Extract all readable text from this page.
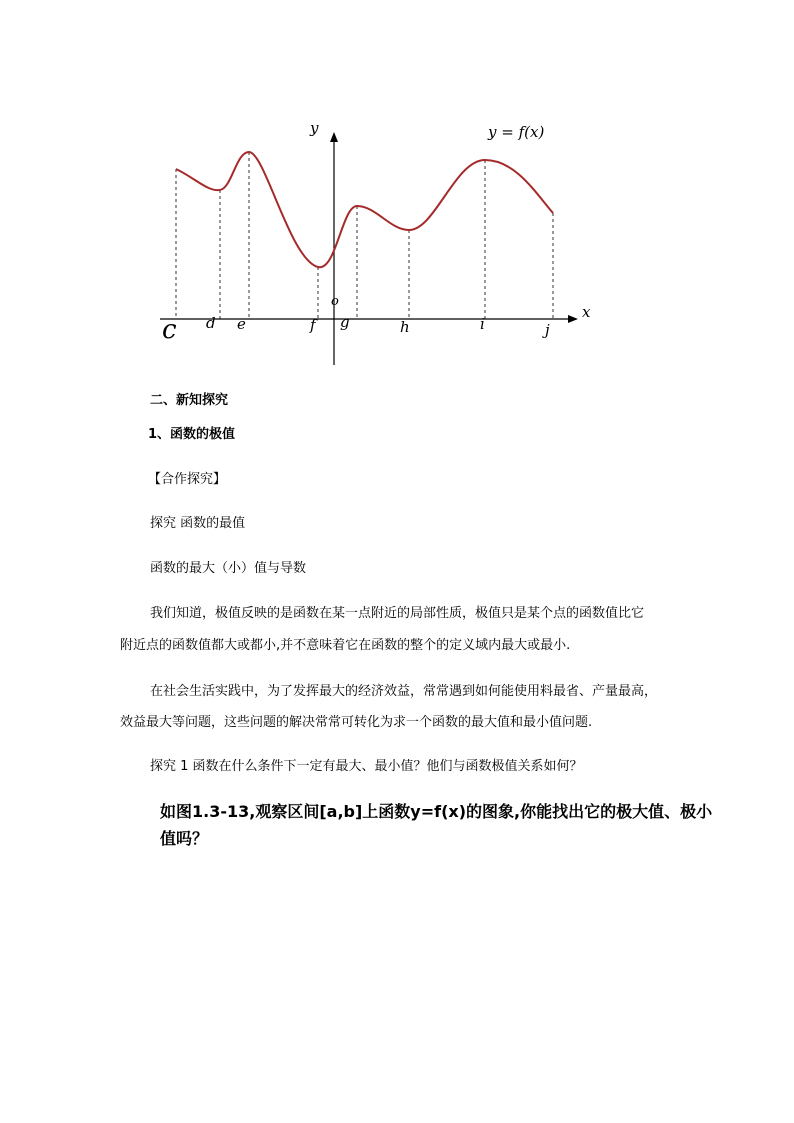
y
x
y = f(x)
o
c d e	f g	h	i	j
二、新知探究
1、函数的极值
【合作探究】
探究 函数的最值
函数的最大（小）值与导数
我们知道，极值反映的是函数在某一点附近的局部性质，极值只是某个点的函数值比它
附近点的函数值都大或都小,并不意味着它在函数的整个的定义域内最大或最小.
在社会生活实践中，为了发挥最大的经济效益，常常遇到如何能使用料最省、产量最高，
效益最大等问题，这些问题的解决常常可转化为求一个函数的最大值和最小值问题.
探究 1 函数在什么条件下一定有最大、最小值？他们与函数极值关系如何？
如图1.3-13,观察区间[a,b]上函数y=f(x)的图象,你能找出它的极大值、极小
值吗？
